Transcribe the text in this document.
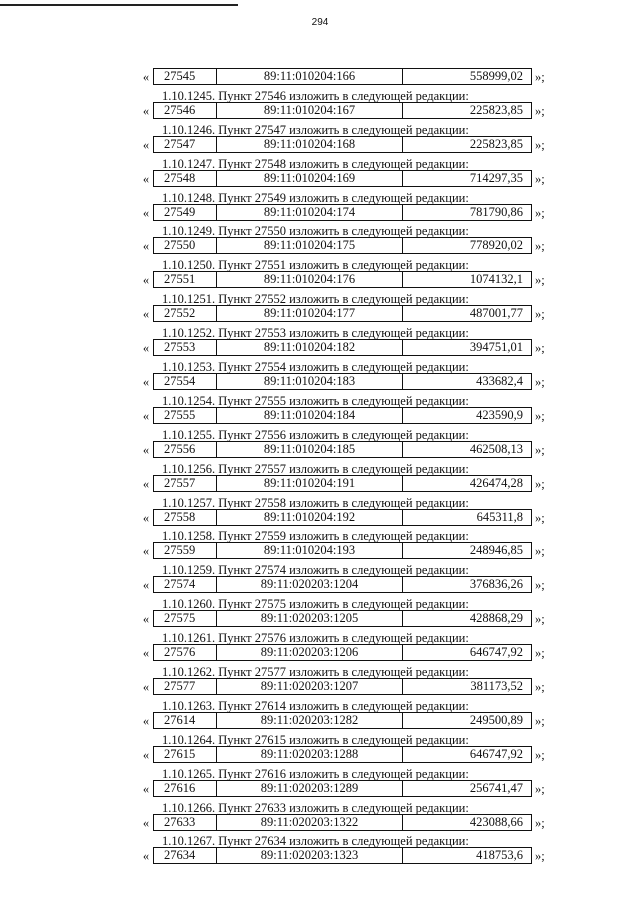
294
«	27545	89:11:010204:166	558999,02 »;
1.10.1245. Пункт 27546 изложить в следующей редакции:
«	27546	89:11:010204:167	225823,85 »;
1.10.1246. Пункт 27547 изложить в следующей редакции:
«	27547	89:11:010204:168	225823,85 »;
1.10.1247. Пункт 27548 изложить в следующей редакции:
«	27548	89:11:010204:169	714297,35 »;
1.10.1248. Пункт 27549 изложить в следующей редакции:
«	27549	89:11:010204:174	781790,86 »;
1.10.1249. Пункт 27550 изложить в следующей редакции:
«	27550	89:11:010204:175	778920,02 »;
1.10.1250. Пункт 27551 изложить в следующей редакции:
«	27551	89:11:010204:176	1074132,1 »;
1.10.1251. Пункт 27552 изложить в следующей редакции:
«	27552	89:11:010204:177	487001,77 »;
1.10.1252. Пункт 27553 изложить в следующей редакции:
«	27553	89:11:010204:182	394751,01 »;
1.10.1253. Пункт 27554 изложить в следующей редакции:
«	27554	89:11:010204:183	433682,4 »;
1.10.1254. Пункт 27555 изложить в следующей редакции:
«	27555	89:11:010204:184	423590,9 »;
1.10.1255. Пункт 27556 изложить в следующей редакции:
«	27556	89:11:010204:185	462508,13 »;
1.10.1256. Пункт 27557 изложить в следующей редакции:
«	27557	89:11:010204:191	426474,28 »;
1.10.1257. Пункт 27558 изложить в следующей редакции:
«	27558	89:11:010204:192	645311,8 »;
1.10.1258. Пункт 27559 изложить в следующей редакции:
«	27559	89:11:010204:193	248946,85 »;
1.10.1259. Пункт 27574 изложить в следующей редакции:
«	27574	89:11:020203:1204	376836,26 »;
1.10.1260. Пункт 27575 изложить в следующей редакции:
«	27575	89:11:020203:1205	428868,29 »;
1.10.1261. Пункт 27576 изложить в следующей редакции:
«	27576	89:11:020203:1206	646747,92 »;
1.10.1262. Пункт 27577 изложить в следующей редакции:
«	27577	89:11:020203:1207	381173,52 »;
1.10.1263. Пункт 27614 изложить в следующей редакции:
«	27614	89:11:020203:1282	249500,89 »;
1.10.1264. Пункт 27615 изложить в следующей редакции:
«	27615	89:11:020203:1288	646747,92 »;
1.10.1265. Пункт 27616 изложить в следующей редакции:
«	27616	89:11:020203:1289	256741,47 »;
1.10.1266. Пункт 27633 изложить в следующей редакции:
«	27633	89:11:020203:1322	423088,66 »;
1.10.1267. Пункт 27634 изложить в следующей редакции:
«	27634	89:11:020203:1323	418753,6 »;
